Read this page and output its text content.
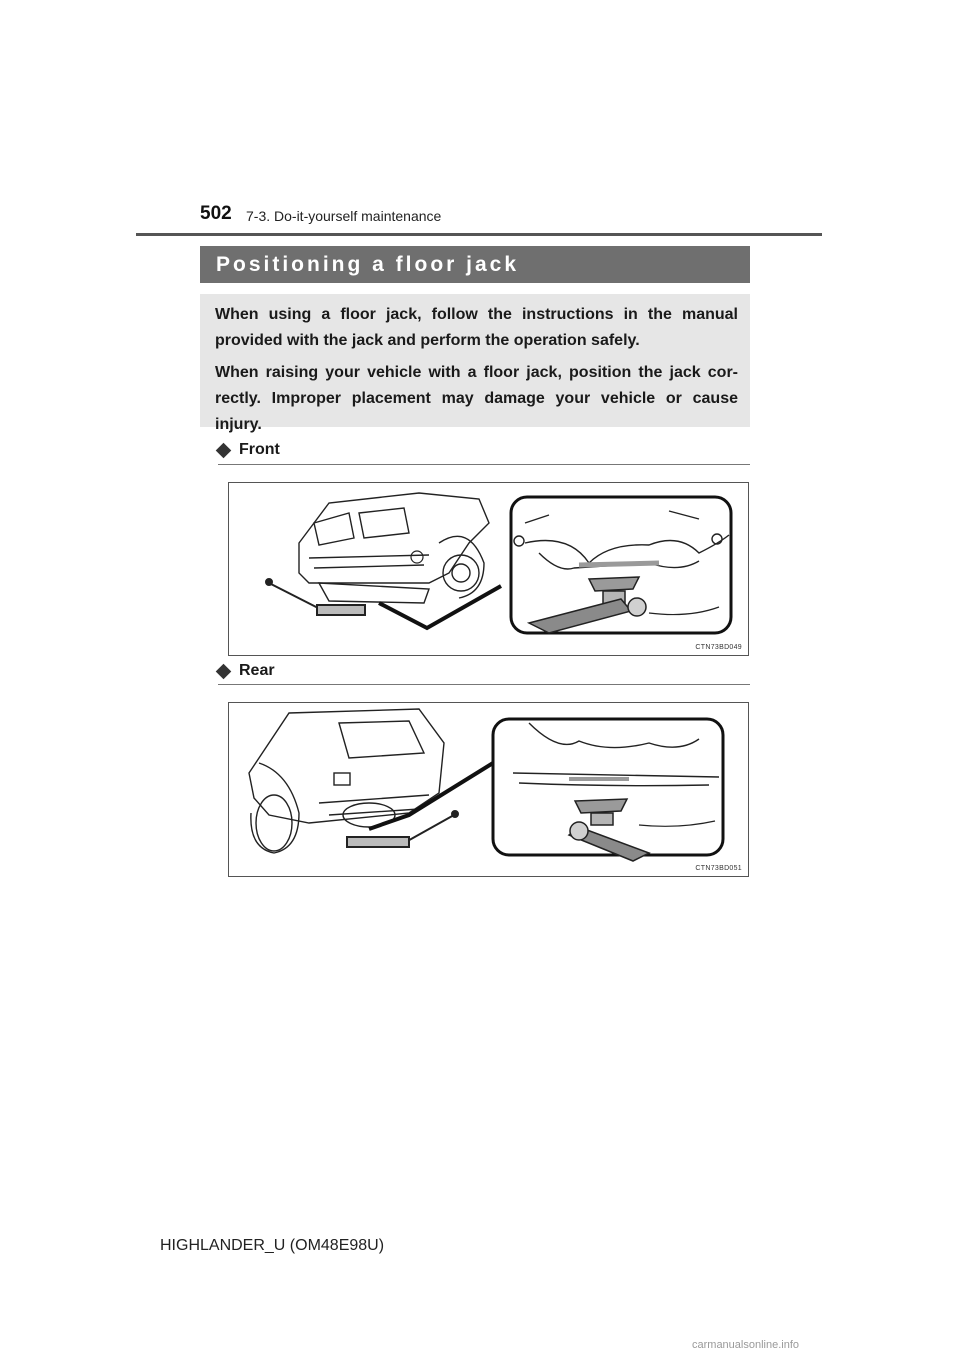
502 7-3. Do-it-yourself maintenance
Positioning a floor jack

When using a floor jack, follow the instructions in the manual provided with the jack and perform the operation safely.

When raising your vehicle with a floor jack, position the jack cor-rectly. Improper placement may damage your vehicle or cause injury.

Front
CTN73BD049
Rear
CTN73BD051
HIGHLANDER_U (OM48E98U)
carmanualsonline.info
